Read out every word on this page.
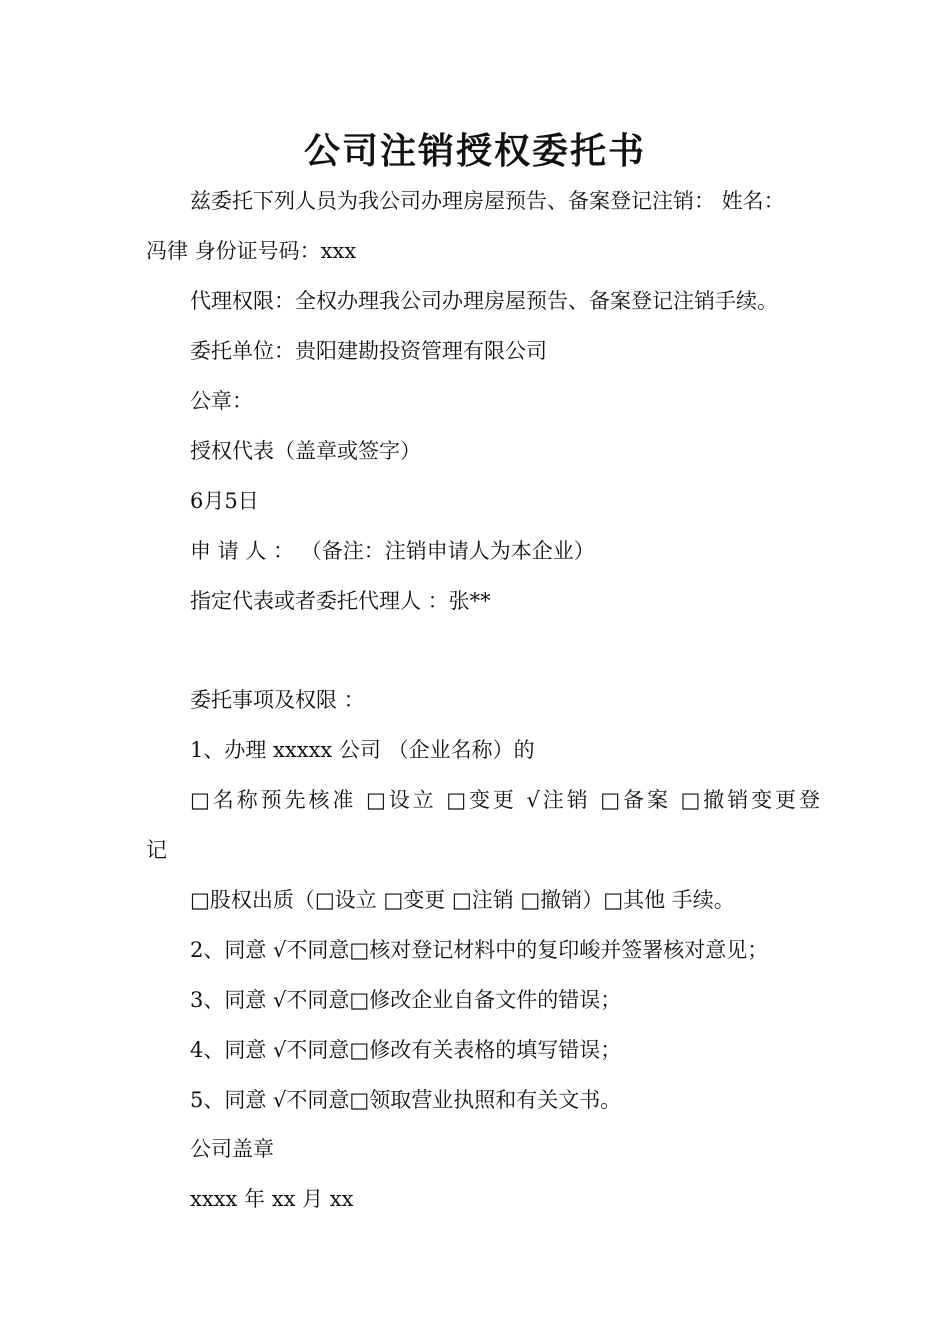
公司注销授权委托书
兹委托下列人员为我公司办理房屋预告、备案登记注销： 姓名：
冯律 身份证号码：xxx
代理权限：全权办理我公司办理房屋预告、备案登记注销手续。
委托单位：贵阳建勘投资管理有限公司
公章：
授权代表（盖章或签字）
6月5日
申 请 人 ： （备注：注销申请人为本企业）
指定代表或者委托代理人 ：张**
委托事项及权限 ：
1、办理 xxxxx 公司 （企业名称）的
□名称预先核准 □设立 □变更 √注销 □备案 □撤销变更登
记
□股权出质（□设立 □变更 □注销 □撤销）□其他 手续。
2、同意 √不同意□核对登记材料中的复印峻并签署核对意见；
3、同意 √不同意□修改企业自备文件的错误；
4、同意 √不同意□修改有关表格的填写错误；
5、同意 √不同意□领取营业执照和有关文书。
公司盖章
xxxx 年 xx 月 xx
